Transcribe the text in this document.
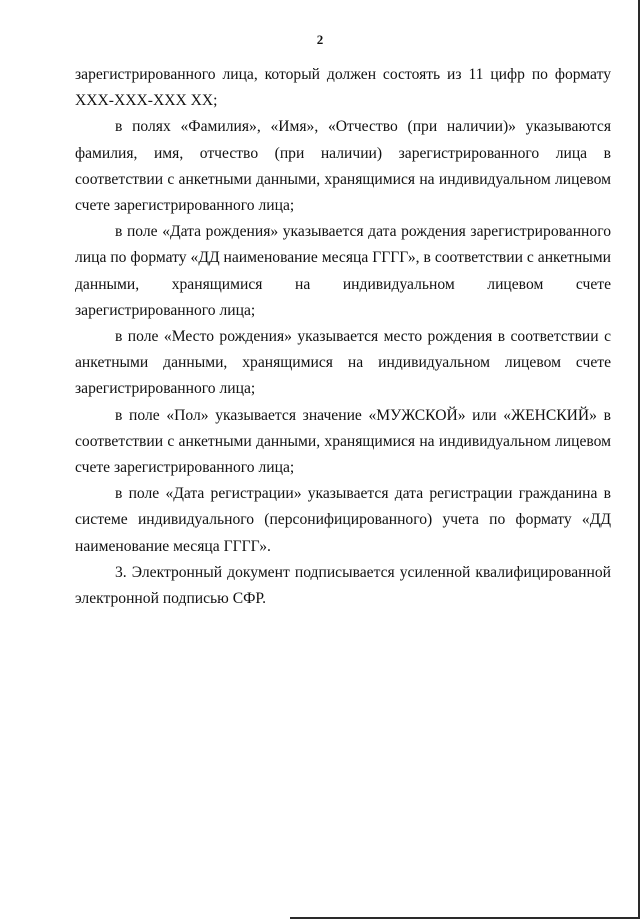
2

зарегистрированного лица, который должен состоять из 11 цифр по формату ХХХ-ХХХ-ХХХ ХХ;

в полях «Фамилия», «Имя», «Отчество (при наличии)» указываются фамилия, имя, отчество (при наличии) зарегистрированного лица в соответствии с анкетными данными, хранящимися на индивидуальном лицевом счете зарегистрированного лица;

в поле «Дата рождения» указывается дата рождения зарегистрированного лица по формату «ДД наименование месяца ГГГГ», в соответствии с анкетными данными, хранящимися на индивидуальном лицевом счете зарегистрированного лица;

в поле «Место рождения» указывается место рождения в соответствии с анкетными данными, хранящимися на индивидуальном лицевом счете зарегистрированного лица;

в поле «Пол» указывается значение «МУЖСКОЙ» или «ЖЕНСКИЙ» в соответствии с анкетными данными, хранящимися на индивидуальном лицевом счете зарегистрированного лица;

в поле «Дата регистрации» указывается дата регистрации гражданина в системе индивидуального (персонифицированного) учета по формату «ДД наименование месяца ГГГГ».

3. Электронный документ подписывается усиленной квалифицированной электронной подписью СФР.
